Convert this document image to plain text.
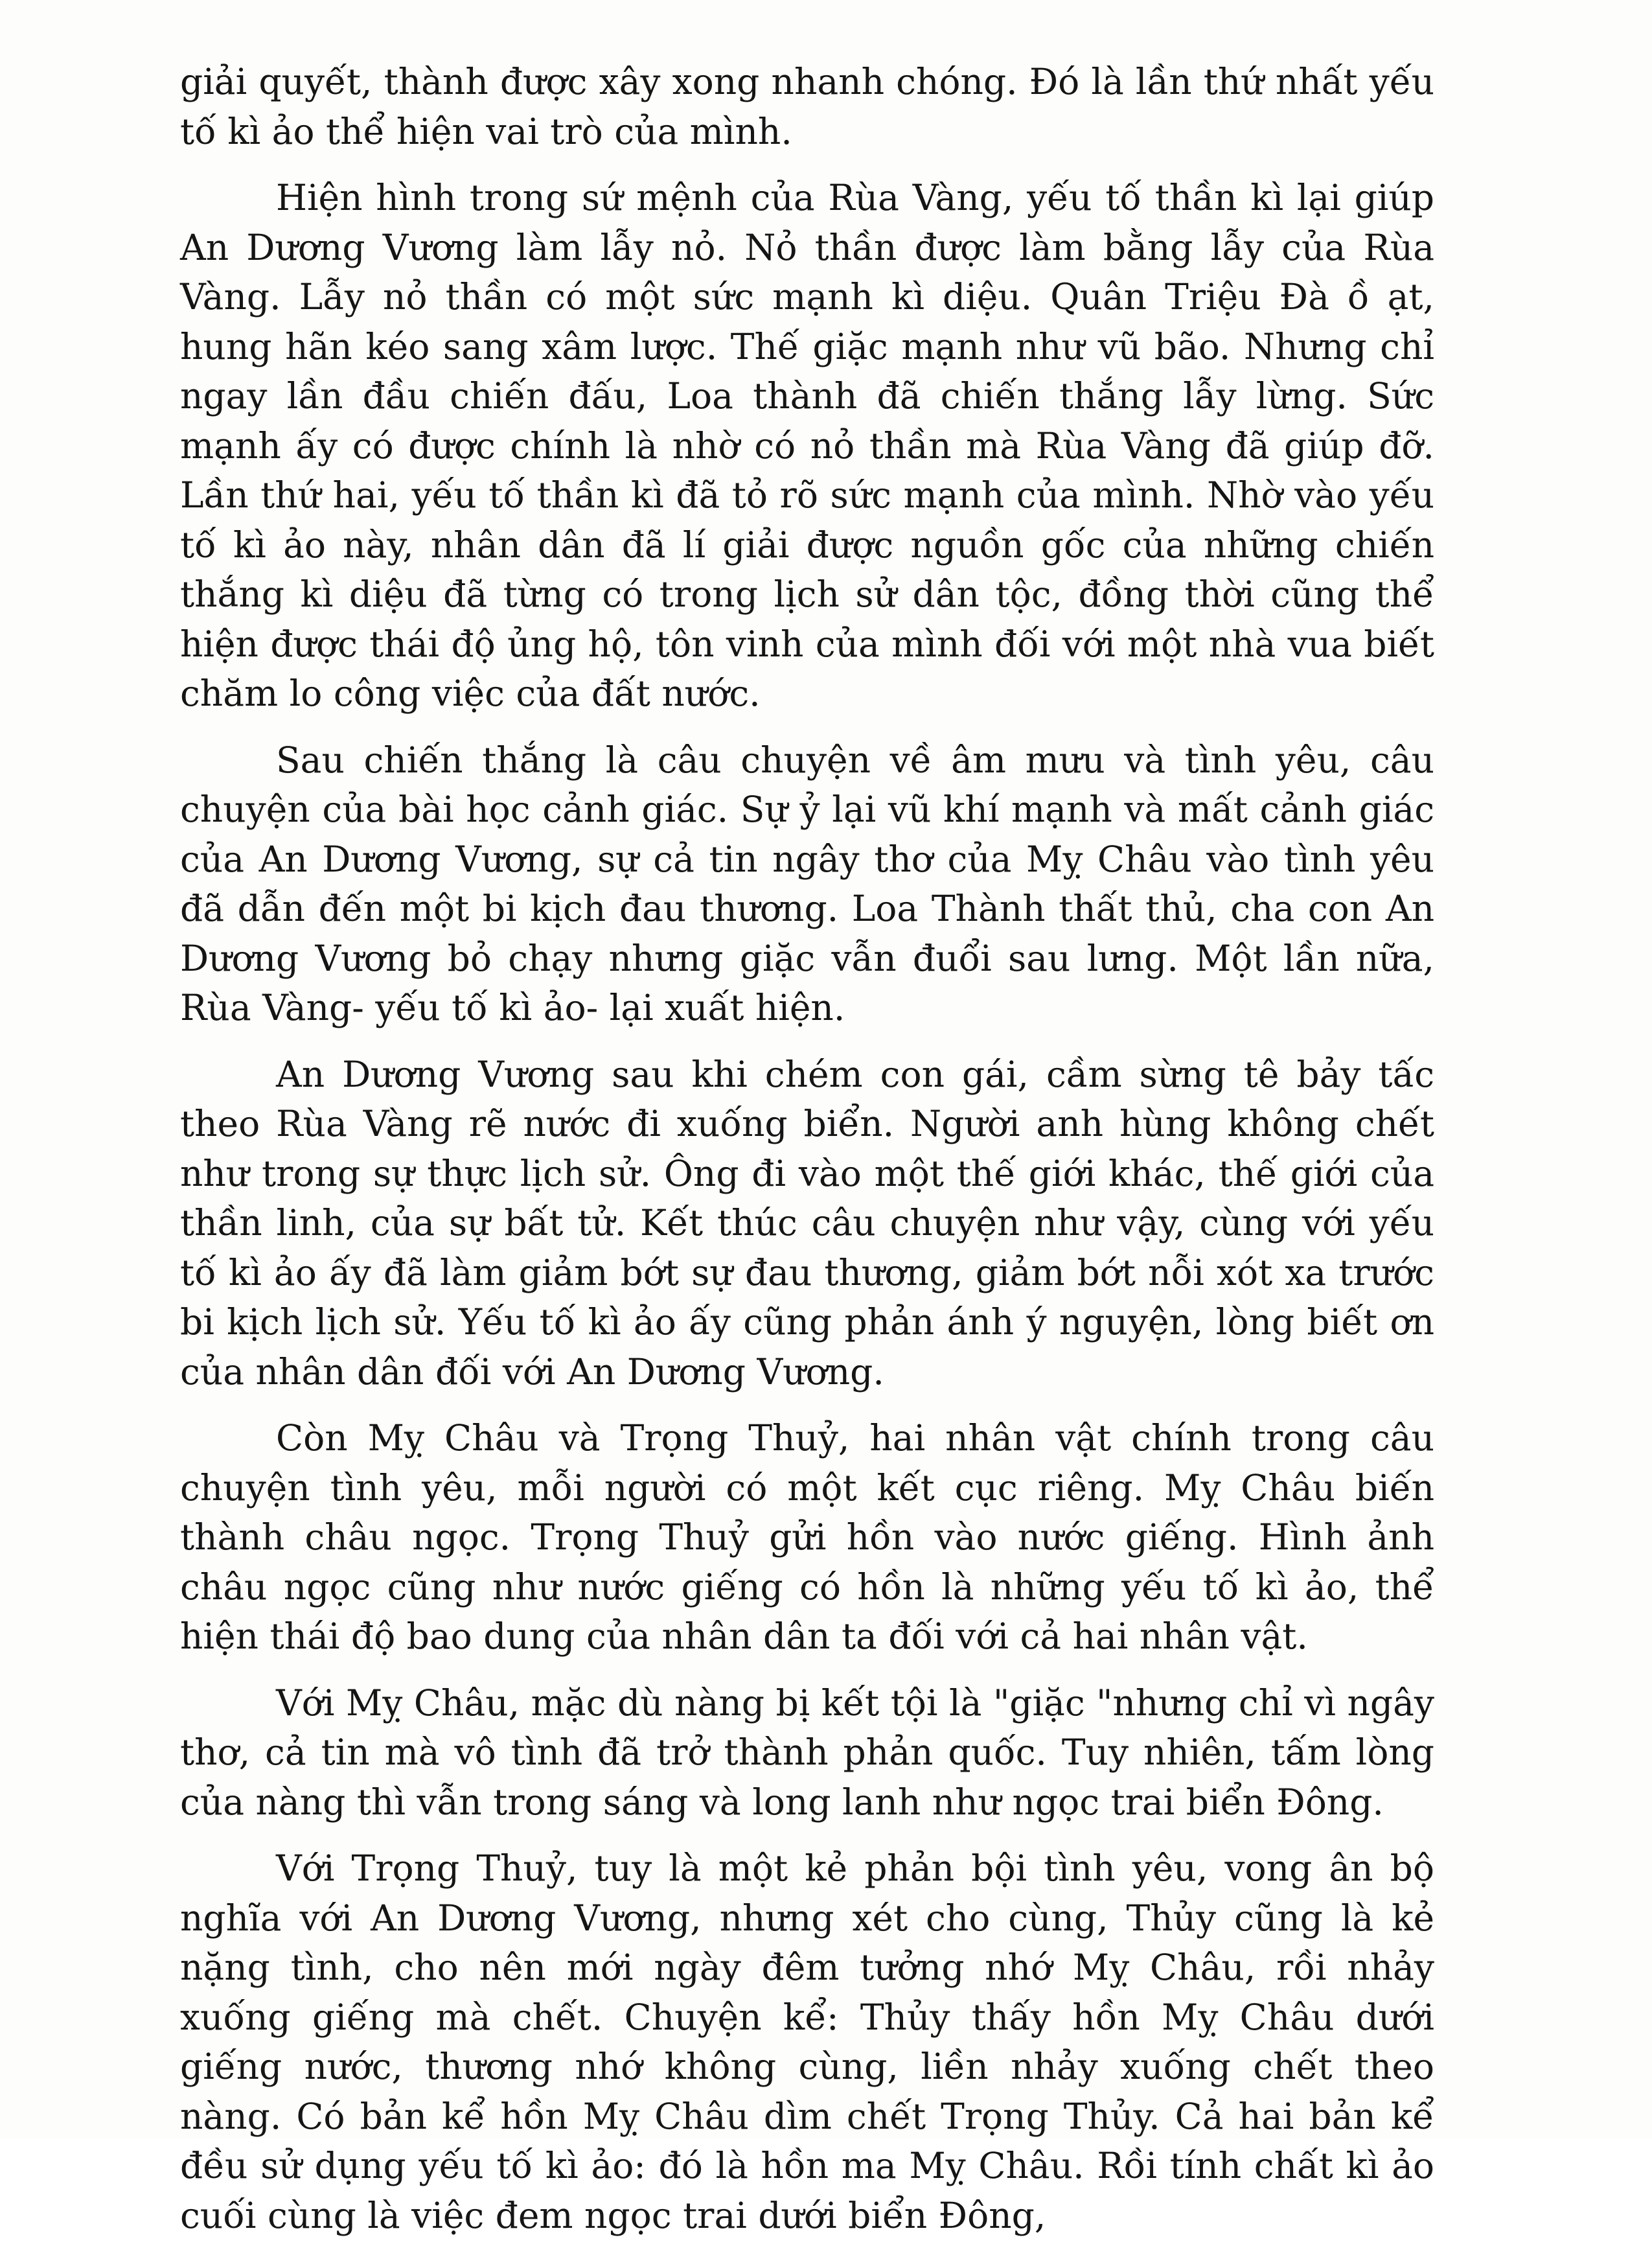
giải quyết, thành được xây xong nhanh chóng. Đó là lần thứ nhất yếu tố kì ảo thể hiện vai trò của mình.

Hiện hình trong sứ mệnh của Rùa Vàng, yếu tố thần kì lại giúp An Dương Vương làm lẫy nỏ. Nỏ thần được làm bằng lẫy của Rùa Vàng. Lẫy nỏ thần có một sức mạnh kì diệu. Quân Triệu Đà ồ ạt, hung hãn kéo sang xâm lược. Thế giặc mạnh như vũ bão. Nhưng chỉ ngay lần đầu chiến đấu, Loa thành đã chiến thắng lẫy lừng. Sức mạnh ấy có được chính là nhờ có nỏ thần mà Rùa Vàng đã giúp đỡ. Lần thứ hai, yếu tố thần kì đã tỏ rõ sức mạnh của mình. Nhờ vào yếu tố kì ảo này, nhân dân đã lí giải được nguồn gốc của những chiến thắng kì diệu đã từng có trong lịch sử dân tộc, đồng thời cũng thể hiện được thái độ ủng hộ, tôn vinh của mình đối với một nhà vua biết chăm lo công việc của đất nước.

Sau chiến thắng là câu chuyện về âm mưu và tình yêu, câu chuyện của bài học cảnh giác. Sự ỷ lại vũ khí mạnh và mất cảnh giác của An Dương Vương, sự cả tin ngây thơ của Mỵ Châu vào tình yêu đã dẫn đến một bi kịch đau thương. Loa Thành thất thủ, cha con An Dương Vương bỏ chạy nhưng giặc vẫn đuổi sau lưng. Một lần nữa, Rùa Vàng- yếu tố kì ảo- lại xuất hiện.

An Dương Vương sau khi chém con gái, cầm sừng tê bảy tấc theo Rùa Vàng rẽ nước đi xuống biển. Người anh hùng không chết như trong sự thực lịch sử. Ông đi vào một thế giới khác, thế giới của thần linh, của sự bất tử. Kết thúc câu chuyện như vậy, cùng với yếu tố kì ảo ấy đã làm giảm bớt sự đau thương, giảm bớt nỗi xót xa trước bi kịch lịch sử. Yếu tố kì ảo ấy cũng phản ánh ý nguyện, lòng biết ơn của nhân dân đối với An Dương Vương.

Còn Mỵ Châu và Trọng Thuỷ, hai nhân vật chính trong câu chuyện tình yêu, mỗi người có một kết cục riêng. Mỵ Châu biến thành châu ngọc. Trọng Thuỷ gửi hồn vào nước giếng. Hình ảnh châu ngọc cũng như nước giếng có hồn là những yếu tố kì ảo, thể hiện thái độ bao dung của nhân dân ta đối với cả hai nhân vật.

Với Mỵ Châu, mặc dù nàng bị kết tội là "giặc "nhưng chỉ vì ngây thơ, cả tin mà vô tình đã trở thành phản quốc. Tuy nhiên, tấm lòng của nàng thì vẫn trong sáng và long lanh như ngọc trai biển Đông.

Với Trọng Thuỷ, tuy là một kẻ phản bội tình yêu, vong ân bộ nghĩa với An Dương Vương, nhưng xét cho cùng, Thủy cũng là kẻ nặng tình, cho nên mới ngày đêm tưởng nhớ Mỵ Châu, rồi nhảy xuống giếng mà chết. Chuyện kể: Thủy thấy hồn Mỵ Châu dưới giếng nước, thương nhớ không cùng, liền nhảy xuống chết theo nàng. Có bản kể hồn Mỵ Châu dìm chết Trọng Thủy. Cả hai bản kể đều sử dụng yếu tố kì ảo: đó là hồn ma Mỵ Châu. Rồi tính chất kì ảo cuối cùng là việc đem ngọc trai dưới biển Đông,
